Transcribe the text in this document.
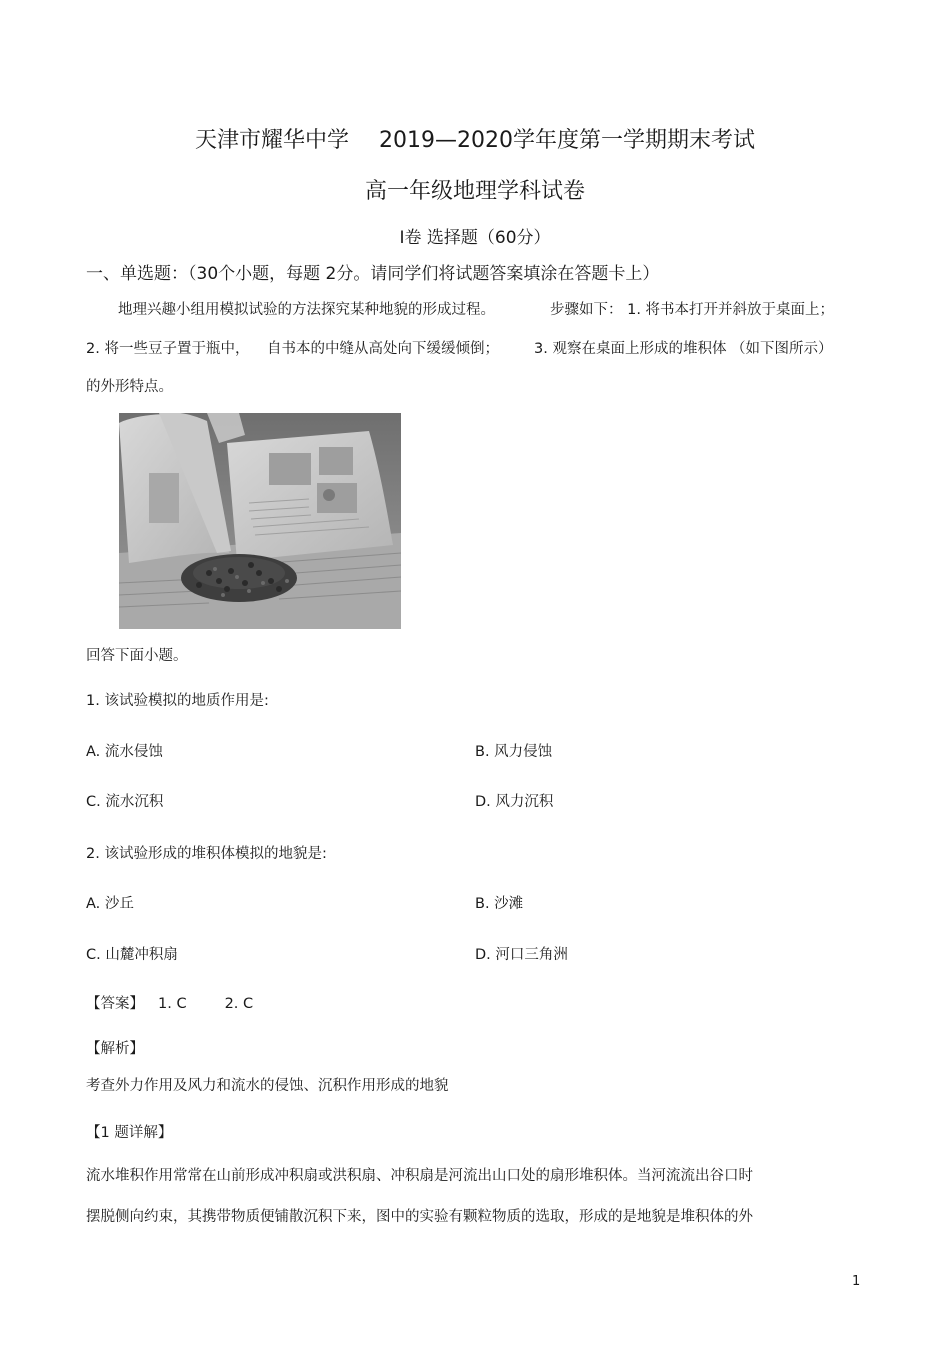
天津市耀华中学 2019—2020学年度第一学期期末考试
高一年级地理学科试卷
Ⅰ卷 选择题（60分）
一、单选题：（30个小题，每题 2分。请同学们将试题答案填涂在答题卡上）
地理兴趣小组用模拟试验的方法探究某种地貌的形成过程。	步骤如下： 1. 将书本打开并斜放于桌面上；
2. 将一些豆子置于瓶中， 自书本的中缝从高处向下缓缓倾倒； 3. 观察在桌面上形成的堆积体 （如下图所示）
的外形特点。
回答下面小题。
1. 该试验模拟的地质作用是:
A. 流水侵蚀	B. 风力侵蚀
C. 流水沉积	D. 风力沉积
2. 该试验形成的堆积体模拟的地貌是:
A. 沙丘	B. 沙滩
C. 山麓冲积扇	D. 河口三角洲
【答案】 1. C	2. C
【解析】
考查外力作用及风力和流水的侵蚀、沉积作用形成的地貌
【1 题详解】
流水堆积作用常常在山前形成冲积扇或洪积扇、冲积扇是河流出山口处的扇形堆积体。当河流流出谷口时
摆脱侧向约束，其携带物质便铺散沉积下来，图中的实验有颗粒物质的选取，形成的是地貌是堆积体的外
1
